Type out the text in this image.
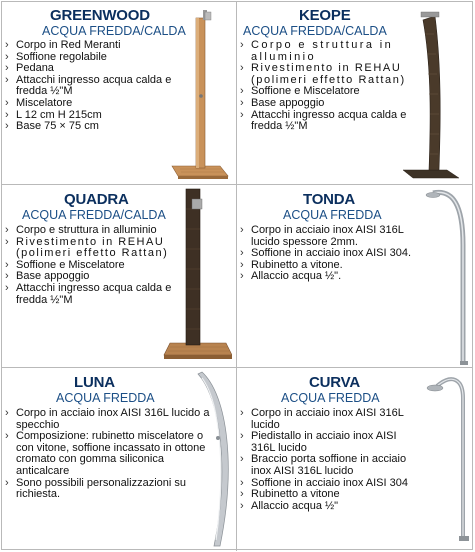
GREENWOOD
ACQUA FREDDA/CALDA
› Corpo in Red Meranti
› Soffione regolabile
› Pedana
› Attacchi ingresso acqua calda e fredda ½"M
› Miscelatore
› L 12 cm H 215cm
› Base 75 × 75 cm
KEOPE
ACQUA FREDDA/CALDA
› Corpo e struttura in alluminio
› Rivestimento in REHAU (polimeri effetto Rattan)
› Soffione e Miscelatore
› Base appoggio
› Attacchi ingresso acqua calda e fredda ½"M
QUADRA
ACQUA FREDDA/CALDA
› Corpo e struttura in alluminio
› Rivestimento in REHAU (polimeri effetto Rattan)
› Soffione e Miscelatore
› Base appoggio
› Attacchi ingresso acqua calda e fredda ½"M
TONDA
ACQUA FREDDA
› Corpo in acciaio inox AISI 316L lucido spessore 2mm.
› Soffione in acciaio inox AISI 304.
› Rubinetto a vitone.
› Allaccio acqua ½".
LUNA
ACQUA FREDDA
› Corpo in acciaio inox AISI 316L lucido a specchio
› Composizione: rubinetto miscelatore o con vitone, soffione incassato in ottone cromato con gomma siliconica anticalcare
› Sono possibili personalizzazioni su richiesta.
CURVA
ACQUA FREDDA
› Corpo in acciaio inox AISI 316L lucido
› Piedistallo in acciaio inox AISI 316L lucido
› Braccio porta soffione in acciaio inox AISI 316L lucido
› Soffione in acciaio inox AISI 304
› Rubinetto a vitone
› Allaccio acqua ½"
